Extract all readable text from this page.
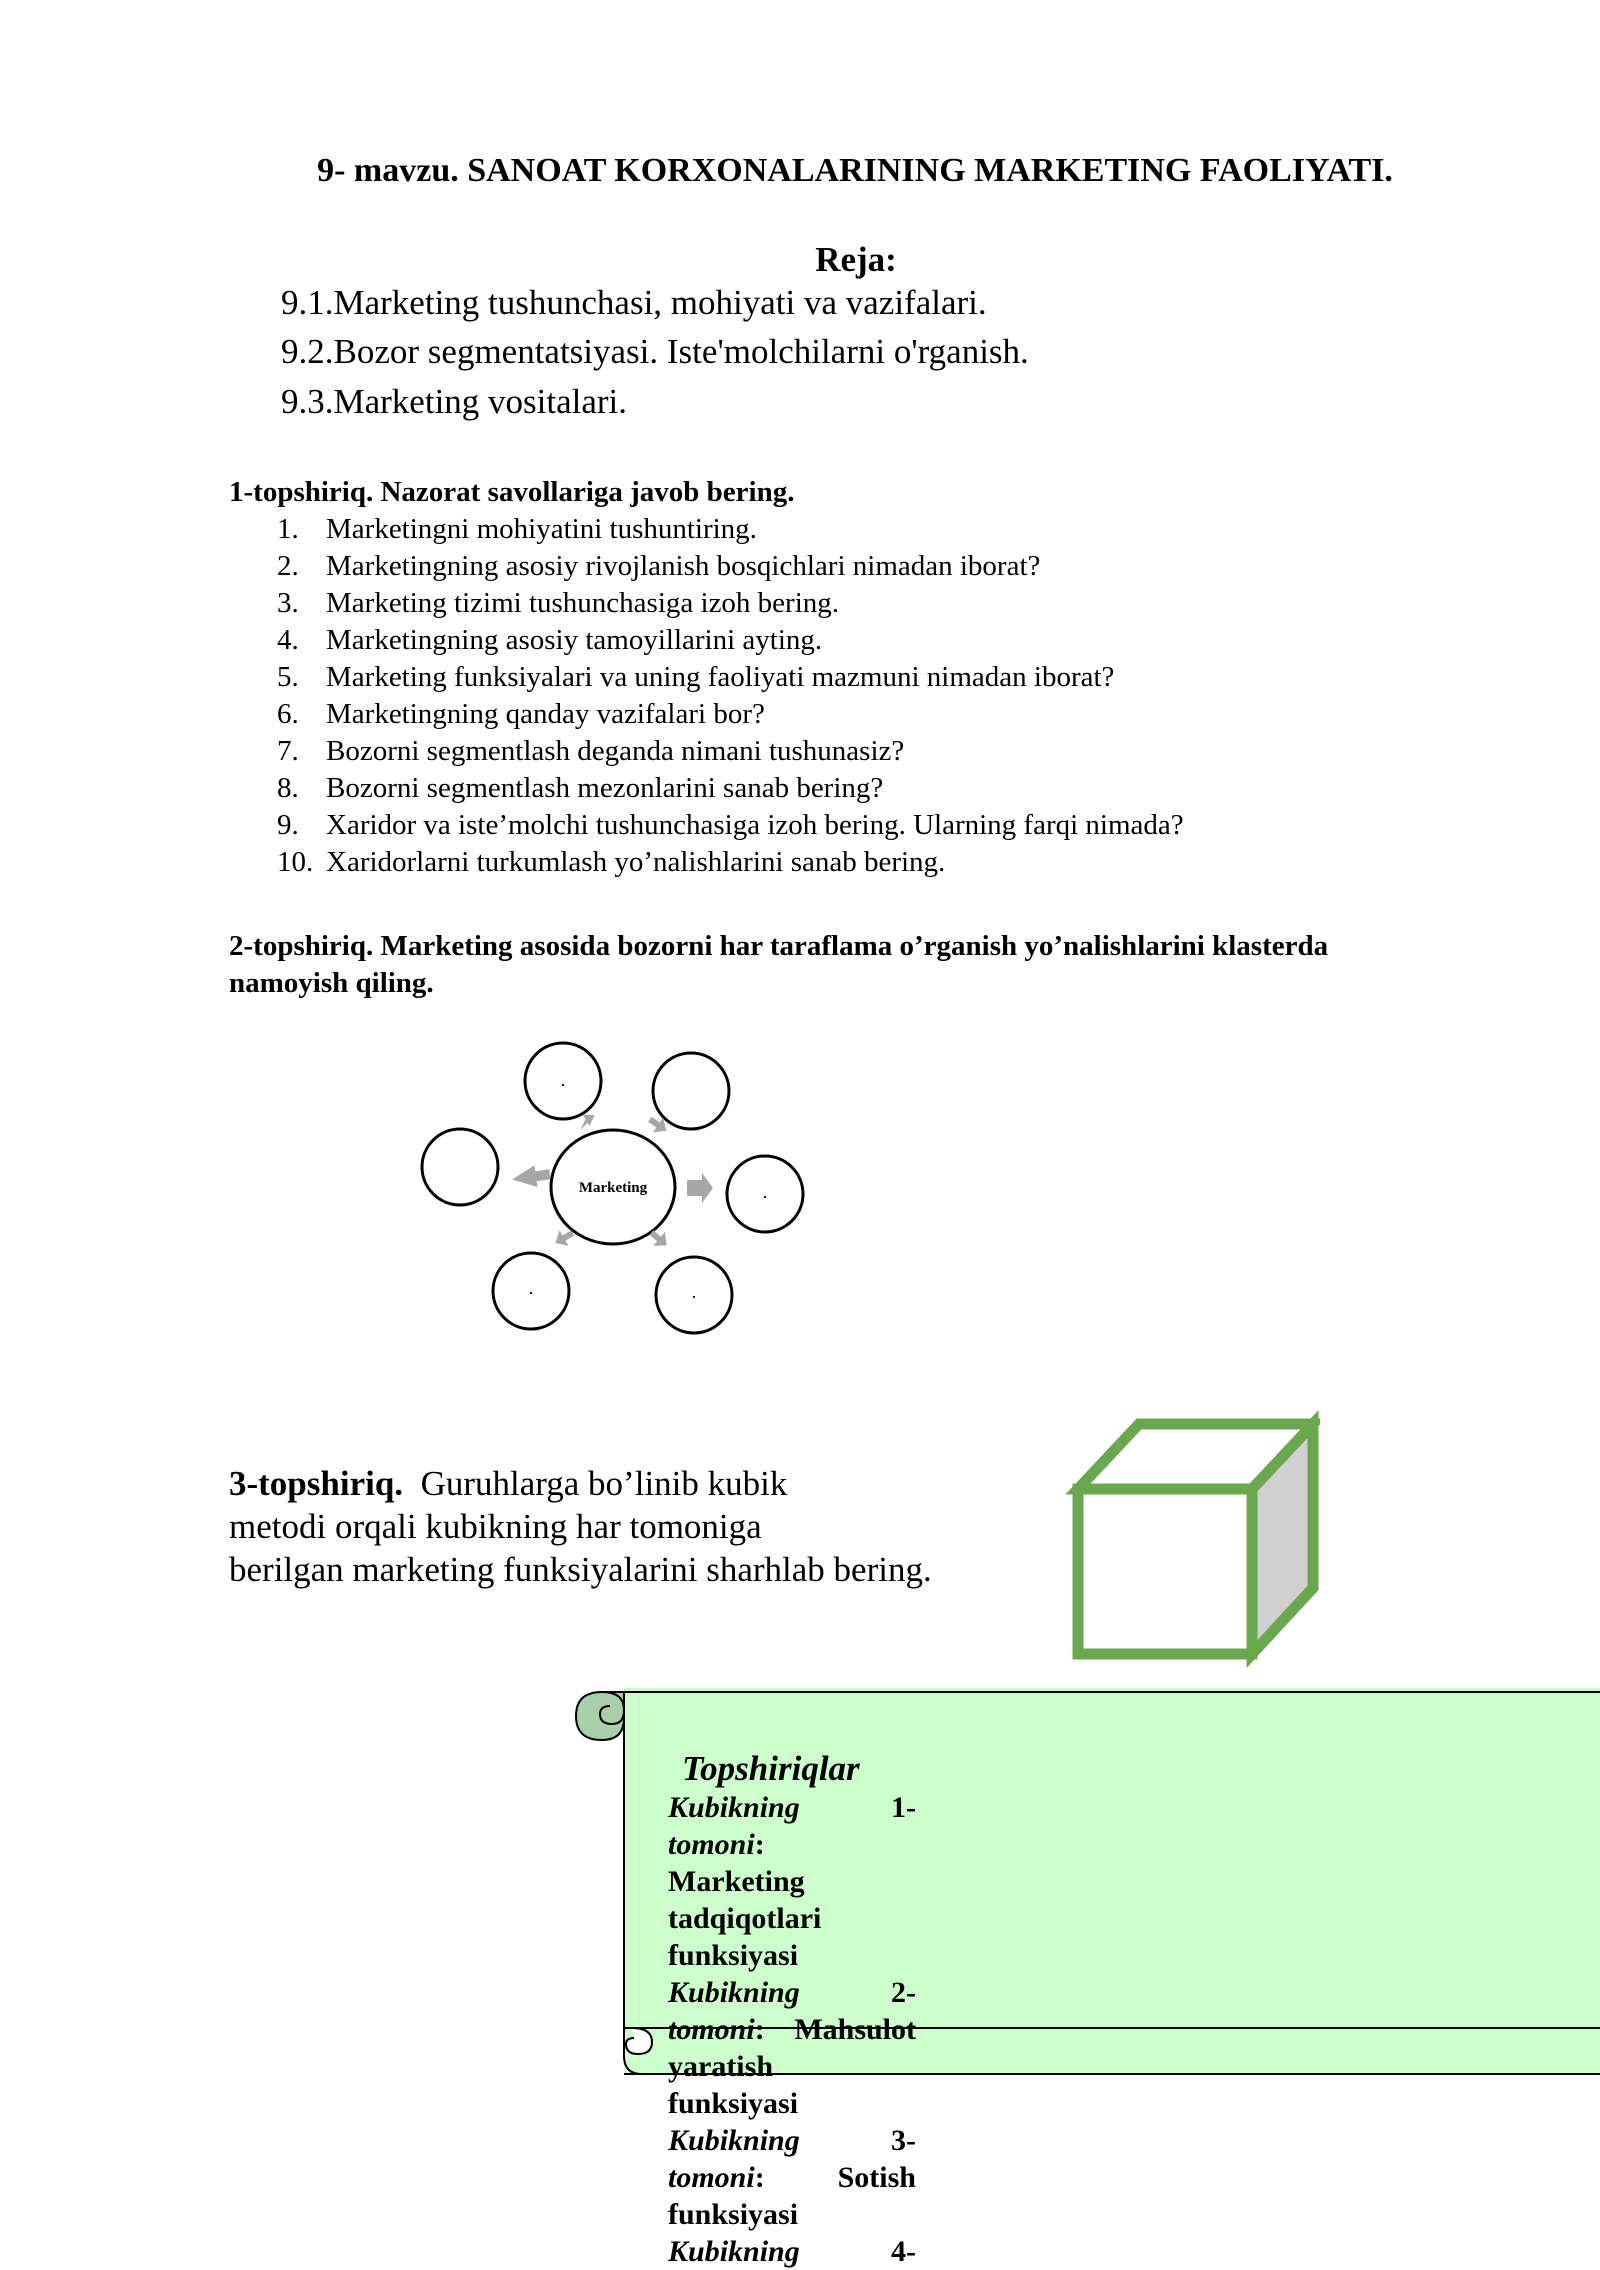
9- mavzu. SANOAT KORXONALARINING MARKETING FAOLIYATI.
Reja:
9.1.Marketing tushunchasi, mohiyati va vazifalari.
9.2.Bozor segmentatsiyasi. Iste'molchilarni o'rganish.
9.3.Marketing vositalari.
1-topshiriq. Nazorat savollariga javob bering.
1. Marketingni mohiyatini tushuntiring.
2. Marketingning asosiy rivojlanish bosqichlari nimadan iborat?
3. Marketing tizimi tushunchasiga izoh bering.
4. Marketingning asosiy tamoyillarini ayting.
5. Marketing funksiyalari va uning faoliyati mazmuni nimadan iborat?
6. Marketingning qanday vazifalari bor?
7. Bozorni segmentlash deganda nimani tushunasiz?
8. Bozorni segmentlash mezonlarini sanab bering?
9. Xaridor va iste’molchi tushunchasiga izoh bering. Ularning farqi nimada?
10. Xaridorlarni turkumlash yo’nalishlarini sanab bering.
2-topshiriq. Marketing asosida bozorni har taraflama o’rganish yo’nalishlarini klasterda
namoyish qiling.
Marketing
.
.
.	.
3-topshiriq. Guruhlarga bo’linib kubik
metodi orqali kubikning har tomoniga
berilgan marketing funksiyalarini sharhlab bering.
Topshiriqlar
Kubikning	1-
tomoni:
Marketing
tadqiqotlari
funksiyasi
Kubikning	2-
tomoni: Mahsulot
yaratish
funksiyasi
Kubikning	3-
tomoni: Sotish
funksiyasi
Kubikning	4-
